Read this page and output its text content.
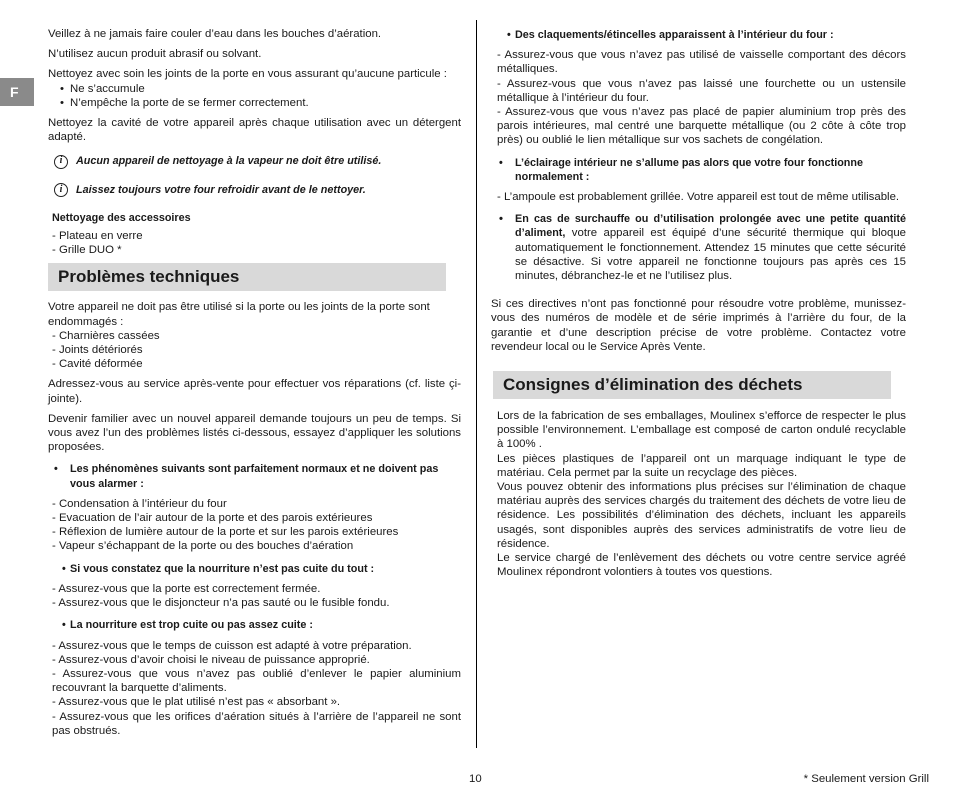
F

Veillez à ne jamais faire couler d’eau dans les bouches d’aération.

N’utilisez aucun produit abrasif ou solvant.

Nettoyez avec soin les joints de la porte en vous assurant qu’aucune particule :

• Ne s’accumule
• N’empêche la porte de se fermer correctement.

Nettoyez la cavité de votre appareil après chaque utilisation avec un détergent adapté.

i	Aucun appareil de nettoyage à la vapeur ne doit être utilisé.
i	Laissez toujours votre four refroidir avant de le nettoyer.

Nettoyage des accessoires

- Plateau en verre

- Grille DUO *

Problèmes techniques

Votre appareil ne doit pas être utilisé si la porte ou les joints de la porte sont endommagés :

- Charnières cassées

- Joints détériorés

- Cavité déformée

Adressez-vous au service après-vente pour effectuer vos réparations (cf. liste çi-jointe).

Devenir familier avec un nouvel appareil demande toujours un peu de temps. Si vous avez l’un des problèmes listés ci-dessous, essayez d’appliquer les solutions proposées.

• Les phénomènes suivants sont parfaitement normaux et ne doivent pas vous alarmer :

- Condensation à l’intérieur du four

- Evacuation de l’air autour de la porte et des parois extérieures

- Réflexion de lumière autour de la porte et sur les parois extérieures

- Vapeur s’échappant de la porte ou des bouches d’aération

• Si vous constatez que la nourriture n’est pas cuite du tout :

- Assurez-vous que la porte est correctement fermée.

- Assurez-vous que le disjoncteur n’a pas sauté ou le fusible fondu.

• La nourriture est trop cuite ou pas assez cuite :

- Assurez-vous que le temps de cuisson est adapté à votre préparation.

- Assurez-vous d’avoir choisi le niveau de puissance approprié.

- Assurez-vous que vous n’avez pas oublié d’enlever le papier aluminium recouvrant la barquette d’aliments.

- Assurez-vous que le plat utilisé n’est pas « absorbant ».

- Assurez-vous que les orifices d’aération situés à l’arrière de l’appareil ne sont pas obstrués.

• Des claquements/étincelles apparaissent à l’intérieur du four :

- Assurez-vous que vous n’avez pas utilisé de vaisselle comportant des décors métalliques.

- Assurez-vous que vous n’avez pas laissé une fourchette ou un ustensile métallique à l’intérieur du four.

- Assurez-vous que vous n’avez pas placé de papier aluminium trop près des parois intérieures, mal centré une barquette métallique (ou 2 côte à côte trop près) ou oublié le lien métallique sur vos sachets de congélation.

• L’éclairage intérieur ne s’allume pas alors que votre four fonctionne normalement :

- L’ampoule est probablement grillée. Votre appareil est tout de même utilisable.

• En cas de surchauffe ou d’utilisation prolongée avec une petite quantité d’aliment, votre appareil est équipé d’une sécurité thermique qui bloque automatiquement le fonctionnement. Attendez 15 minutes que cette sécurité se désactive. Si votre appareil ne fonctionne toujours pas après ces 15 minutes, débranchez-le et ne l’utilisez plus.

Si ces directives n’ont pas fonctionné pour résoudre votre problème, munissez-vous des numéros de modèle et de série imprimés à l’arrière du four, de la garantie et d’une description précise de votre problème. Contactez votre revendeur local ou le Service Après Vente.

Consignes d’élimination des déchets

Lors de la fabrication de ses emballages, Moulinex s’efforce de respecter le plus possible l’environnement. L’emballage est composé de carton ondulé recyclable à 100% .

Les pièces plastiques de l’appareil ont un marquage indiquant le type de matériau. Cela permet par la suite un recyclage des pièces.

Vous pouvez obtenir des informations plus précises sur l’élimination de chaque matériau auprès des services chargés du traitement des déchets de votre lieu de résidence. Les possibilités d’élimination des déchets, incluant les appareils usagés, sont disponibles auprès des services administratifs de votre lieu de résidence.

Le service chargé de l’enlèvement des déchets ou votre centre service agréé Moulinex répondront volontiers à toutes vos questions.

10	* Seulement version Grill
